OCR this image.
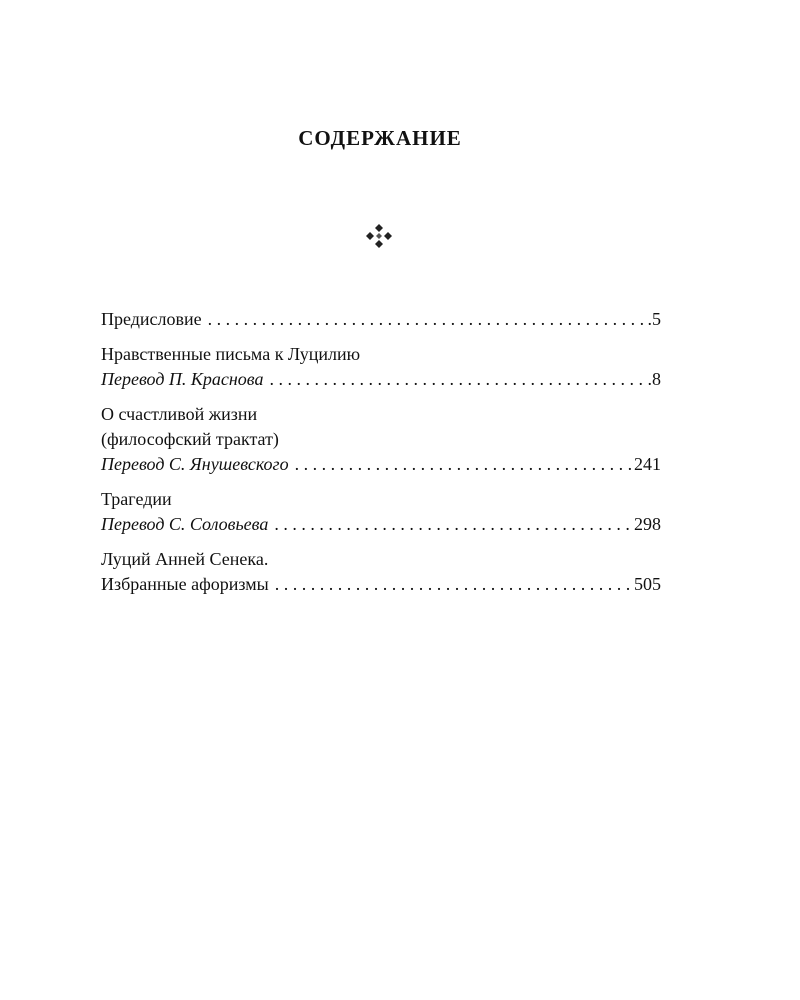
СОДЕРЖАНИЕ
Предисловие . . .	.5
Нравственные письма к Луцилию
Перевод П. Краснова . . .	.8
О счастливой жизни
(философский трактат)
Перевод С. Янушевского . . .	241
Трагедии
Перевод С. Соловьева . . .	298
Луций Анней Сенека.
Избранные афоризмы . . .	505
